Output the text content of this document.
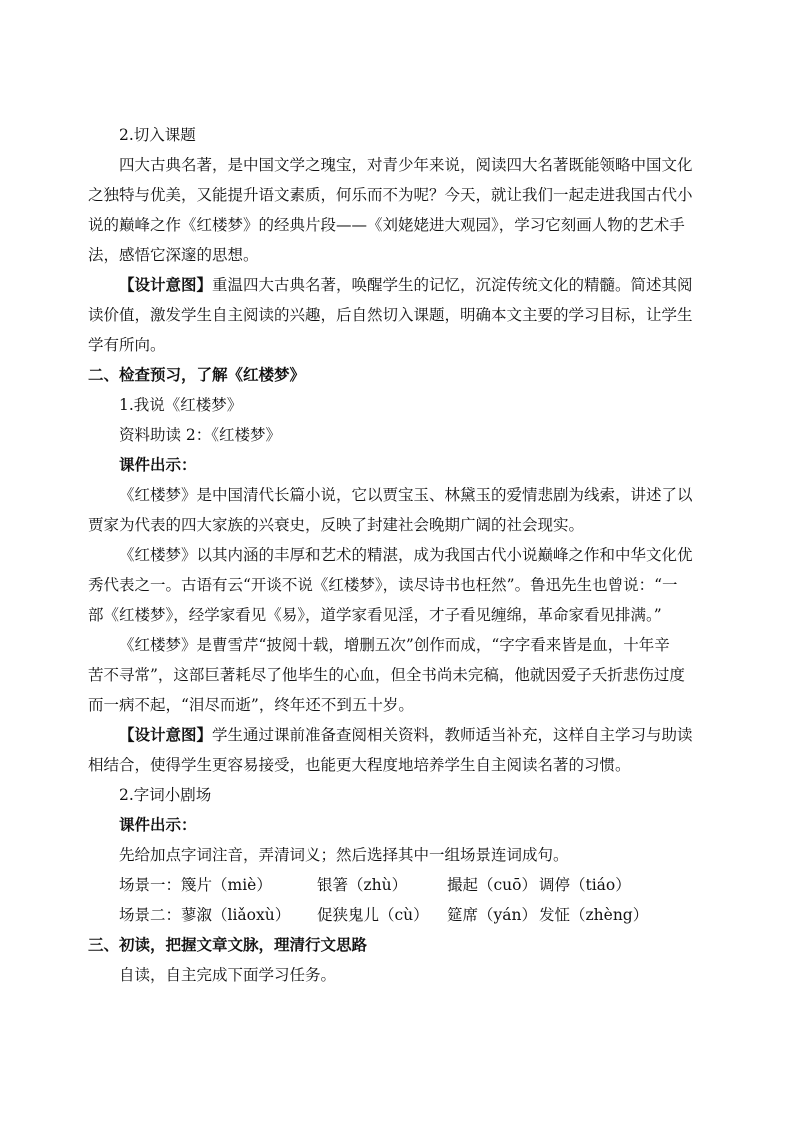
2.切入课题
四大古典名著，是中国文学之瑰宝，对青少年来说，阅读四大名著既能领略中国文化
之独特与优美，又能提升语文素质，何乐而不为呢？今天，就让我们一起走进我国古代小
说的巅峰之作《红楼梦》的经典片段——《刘姥姥进大观园》，学习它刻画人物的艺术手
法，感悟它深邃的思想。
【设计意图】重温四大古典名著，唤醒学生的记忆，沉淀传统文化的精髓。简述其阅
读价值，激发学生自主阅读的兴趣，后自然切入课题，明确本文主要的学习目标，让学生
学有所向。
二、检查预习，了解《红楼梦》
1.我说《红楼梦》
资料助读 2：《红楼梦》
课件出示：
《红楼梦》是中国清代长篇小说，它以贾宝玉、林黛玉的爱情悲剧为线索，讲述了以
贾家为代表的四大家族的兴衰史，反映了封建社会晚期广阔的社会现实。
《红楼梦》以其内涵的丰厚和艺术的精湛，成为我国古代小说巅峰之作和中华文化优
秀代表之一。古语有云“开谈不说《红楼梦》，读尽诗书也枉然”。鲁迅先生也曾说：“一
部《红楼梦》，经学家看见《易》，道学家看见淫，才子看见缠绵，革命家看见排满。”
《红楼梦》是曹雪芹“披阅十载，增删五次”创作而成，“字字看来皆是血，十年辛
苦不寻常”，这部巨著耗尽了他毕生的心血，但全书尚未完稿，他就因爱子夭折悲伤过度
而一病不起，“泪尽而逝”，终年还不到五十岁。
【设计意图】学生通过课前准备查阅相关资料，教师适当补充，这样自主学习与助读
相结合，使得学生更容易接受，也能更大程度地培养学生自主阅读名著的习惯。
2.字词小剧场
课件出示：
先给加点字词注音，弄清词义；然后选择其中一组场景连词成句。
场景一： 篾片（miè）	银箸（zhù）	撮起（cuō） 调停（tiáo）
场景二： 蓼溆（liǎoxù）	促狭鬼儿（cù）	筵席（yán） 发怔（zhèng）
三、初读，把握文章文脉，理清行文思路
自读，自主完成下面学习任务。
